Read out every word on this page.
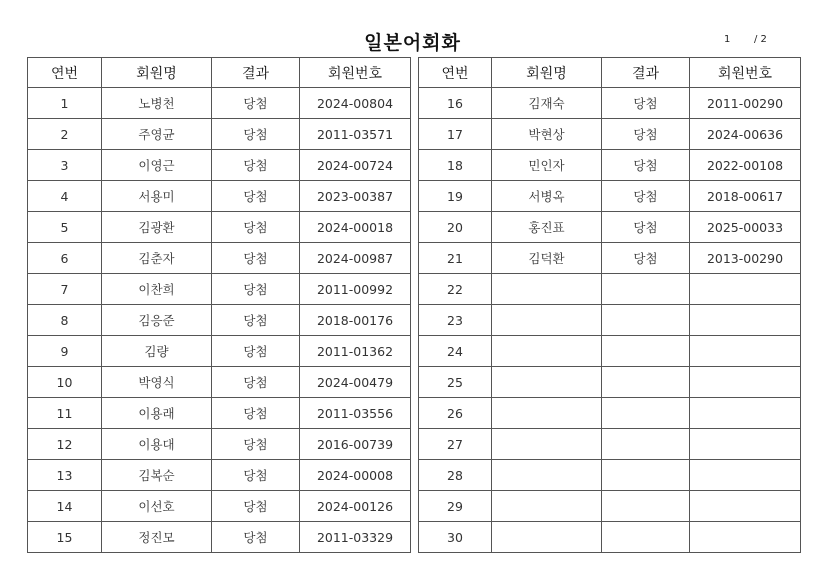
일본어회화	1 / 2
연번	회원명	결과	회원번호
1	노병천	당첨	2024-00804
2	주영균	당첨	2011-03571
3	이영근	당첨	2024-00724
4	서용미	당첨	2023-00387
5	김광환	당첨	2024-00018
6	김춘자	당첨	2024-00987
7	이찬희	당첨	2011-00992
8	김응준	당첨	2018-00176
9	김량	당첨	2011-01362
10	박영식	당첨	2024-00479
11	이용래	당첨	2011-03556
12	이용대	당첨	2016-00739
13	김복순	당첨	2024-00008
14	이선호	당첨	2024-00126
15	정진모	당첨	2011-03329
연번	회원명	결과	회원번호
16	김재숙	당첨	2011-00290
17	박현상	당첨	2024-00636
18	민인자	당첨	2022-00108
19	서병옥	당첨	2018-00617
20	홍진표	당첨	2025-00033
21	김덕환	당첨	2013-00290
22			
23			
24			
25			
26			
27			
28			
29			
30			
